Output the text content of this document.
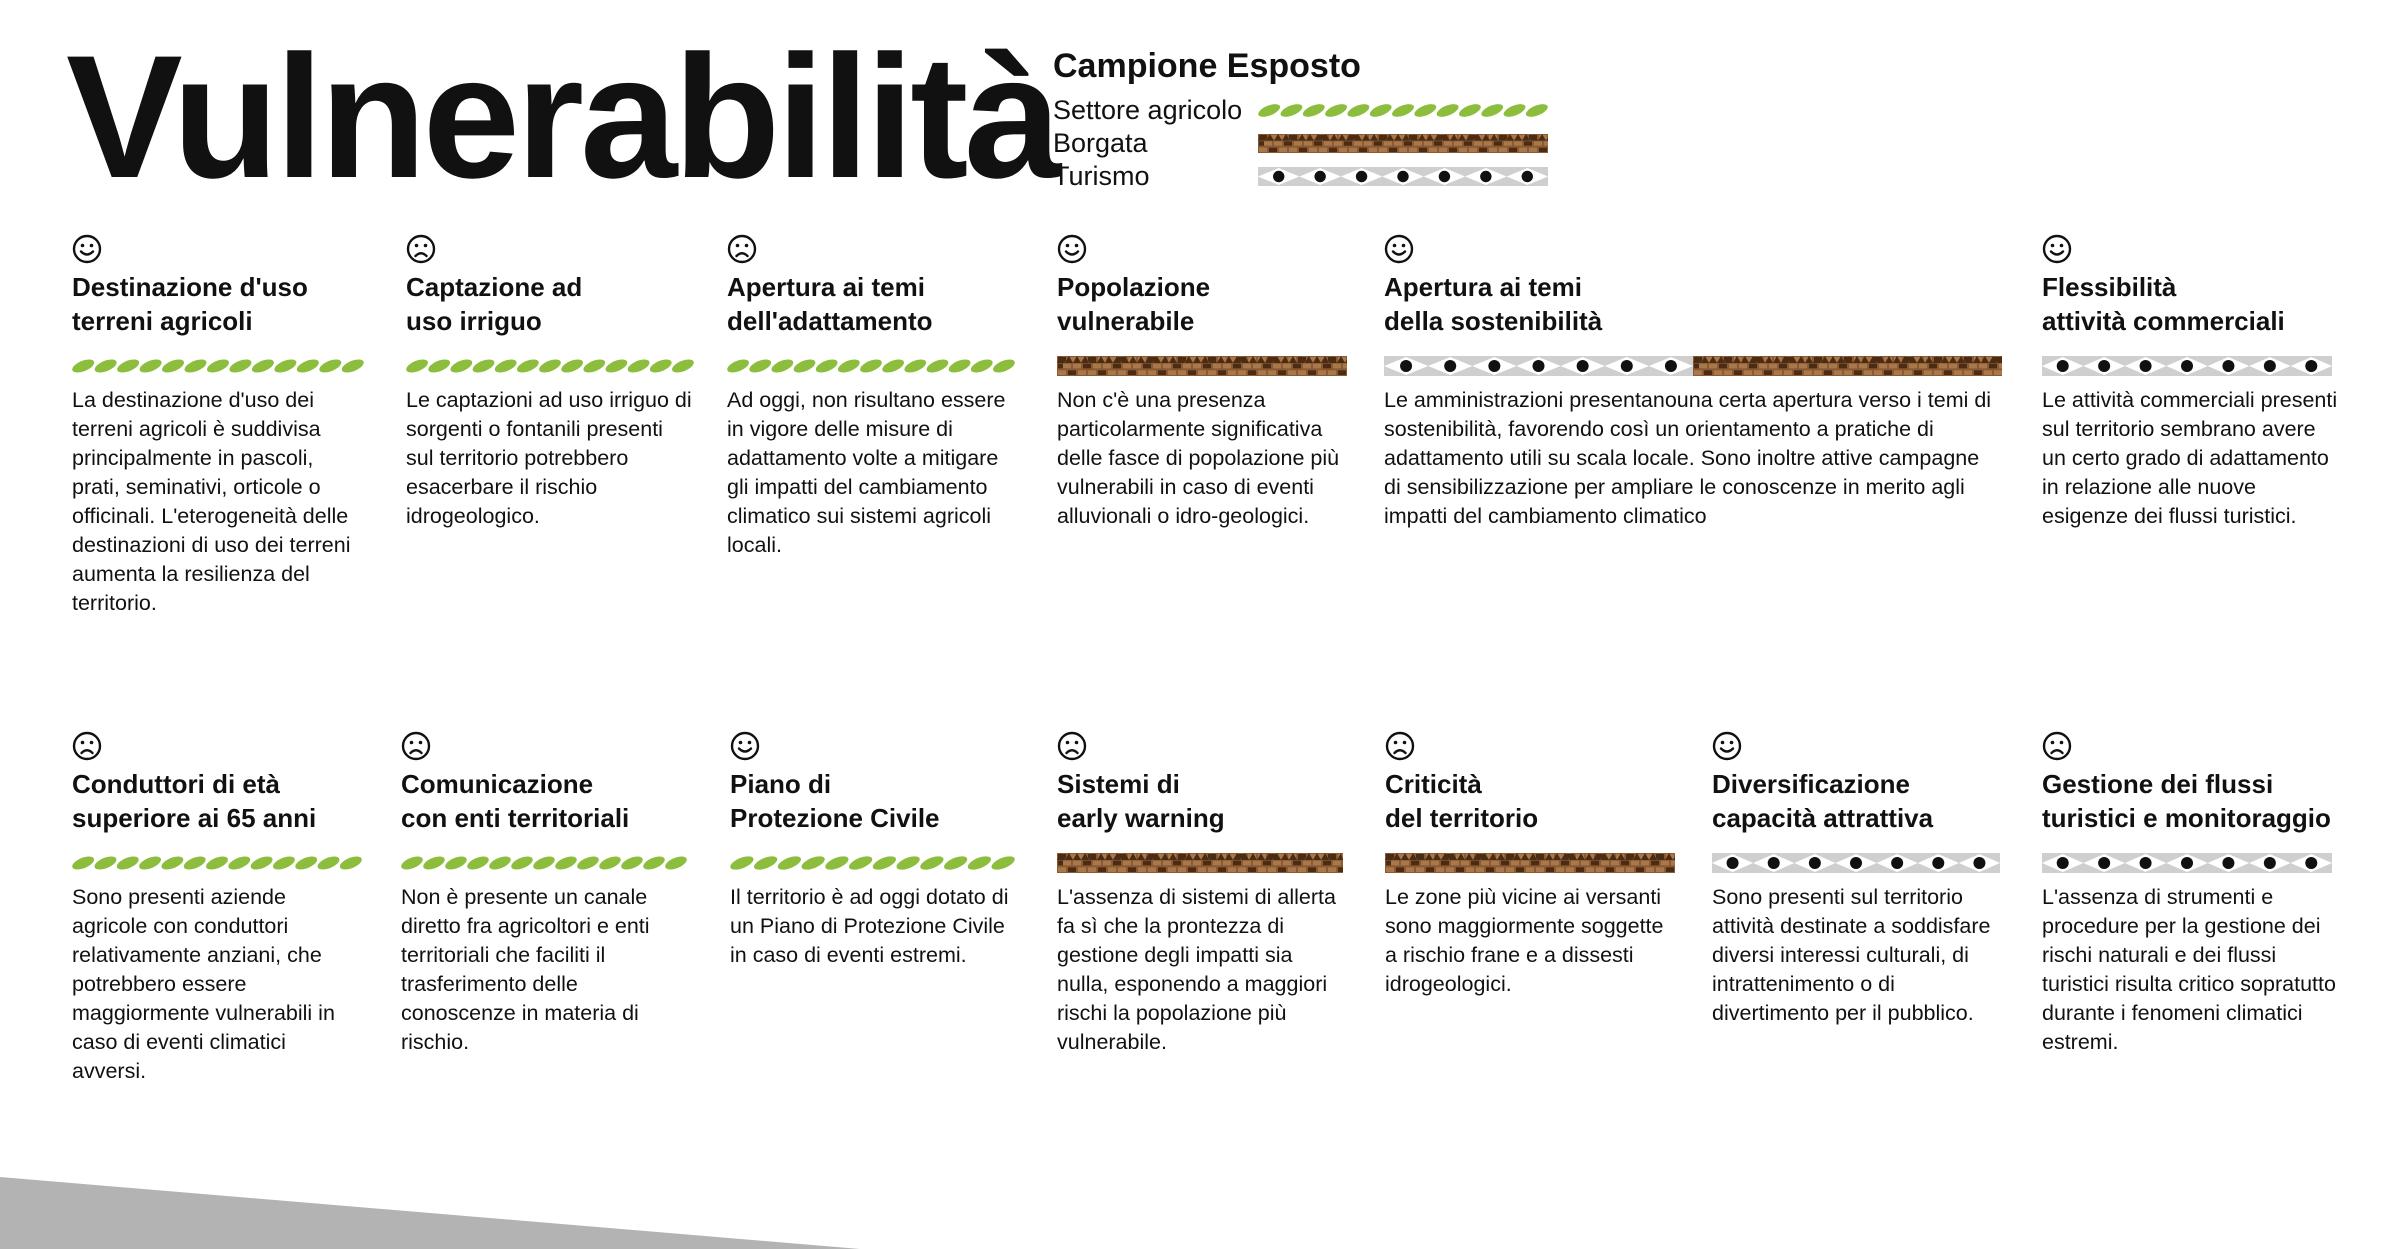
Vulnerabilità
Campione Esposto
Settore agricolo
Borgata
Turismo
Destinazione d'uso
terreni agricoli

La destinazione d'uso dei terreni agricoli è suddivisa principalmente in pascoli, prati, seminativi, orticole o officinali. L'eterogeneità delle destinazioni di uso dei terreni aumenta la resilienza del territorio.

Captazione ad
uso irriguo

Le captazioni ad uso irriguo di sorgenti o fontanili presenti sul territorio potrebbero esacerbare il rischio idrogeologico.

Apertura ai temi
dell'adattamento

Ad oggi, non risultano essere in vigore delle misure di adattamento volte a mitigare gli impatti del cambiamento climatico sui sistemi agricoli locali.

Popolazione
vulnerabile

Non c'è una presenza particolarmente significativa delle fasce di popolazione più vulnerabili in caso di eventi alluvionali o idro-geologici.

Apertura ai temi
della sostenibilità

Le amministrazioni presentanouna certa apertura verso i temi di sostenibilità, favorendo così un orientamento a pratiche di adattamento utili su scala locale. Sono inoltre attive campagne di sensibilizzazione per ampliare le conoscenze in merito agli impatti del cambiamento climatico

Flessibilità
attività commerciali

Le attività commerciali presenti sul territorio sembrano avere un certo grado di adattamento in relazione alle nuove esigenze dei flussi turistici.

Conduttori di età
superiore ai 65 anni

Sono presenti aziende agricole con conduttori relativamente anziani, che potrebbero essere maggiormente vulnerabili in caso di eventi climatici avversi.

Comunicazione
con enti territoriali

Non è presente un canale diretto fra agricoltori e enti territoriali che faciliti il trasferimento delle conoscenze in materia di rischio.

Piano di
Protezione Civile

Il territorio è ad oggi dotato di un Piano di Protezione Civile in caso di eventi estremi.

Sistemi di
early warning

L'assenza di sistemi di allerta fa sì che la prontezza di gestione degli impatti sia nulla, esponendo a maggiori rischi la popolazione più vulnerabile.

Criticità
del territorio

Le zone più vicine ai versanti sono maggiormente soggette a rischio frane e a dissesti idrogeologici.

Diversificazione
capacità attrattiva

Sono presenti sul territorio attività destinate a soddisfare diversi interessi culturali, di intrattenimento o di divertimento per il pubblico.

Gestione dei flussi
turistici e monitoraggio

L'assenza di strumenti e procedure per la gestione dei rischi naturali e dei flussi turistici risulta critico sopratutto durante i fenomeni climatici estremi.
